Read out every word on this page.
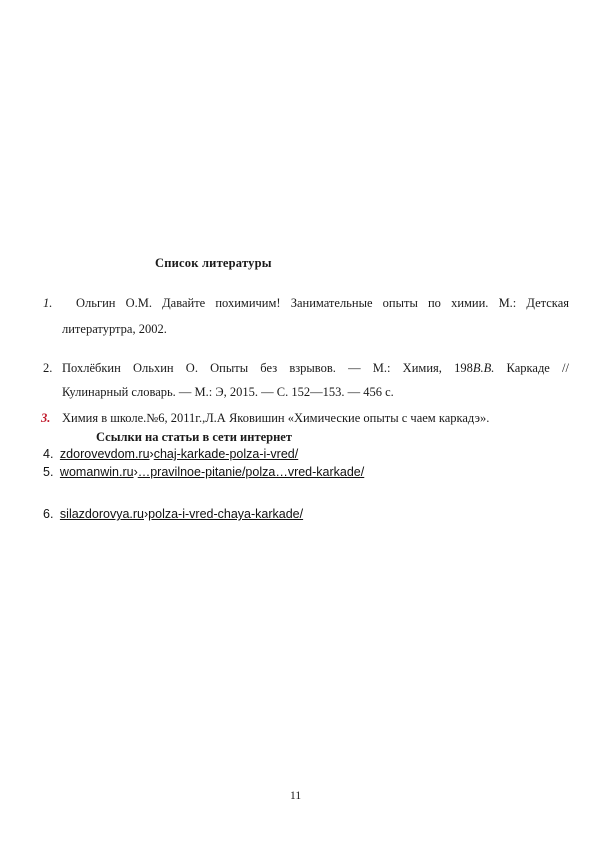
Список литературы
1. Ольгин О.М. Давайте похимичим! Занимательные опыты по химии. М.: Детская
литературтра, 2002.
2. Похлёбкин Ольхин О. Опыты без взрывов. — М.: Химия, 198В.В. Каркаде //
Кулинарный словарь. — М.: Э, 2015. — С. 152—153. — 456 с.
3. Химия в школе.№6, 2011г.,Л.А Яковишин «Химические опыты с чаем каркадэ».
Ссылки на статьи в сети интернет
4. zdorovevdom.ru›chaj-karkade-polza-i-vred/
5. womanwin.ru›…pravilnoe-pitanie/polza…vred-karkade/
6. silazdorovya.ru›polza-i-vred-chaya-karkade/
11
